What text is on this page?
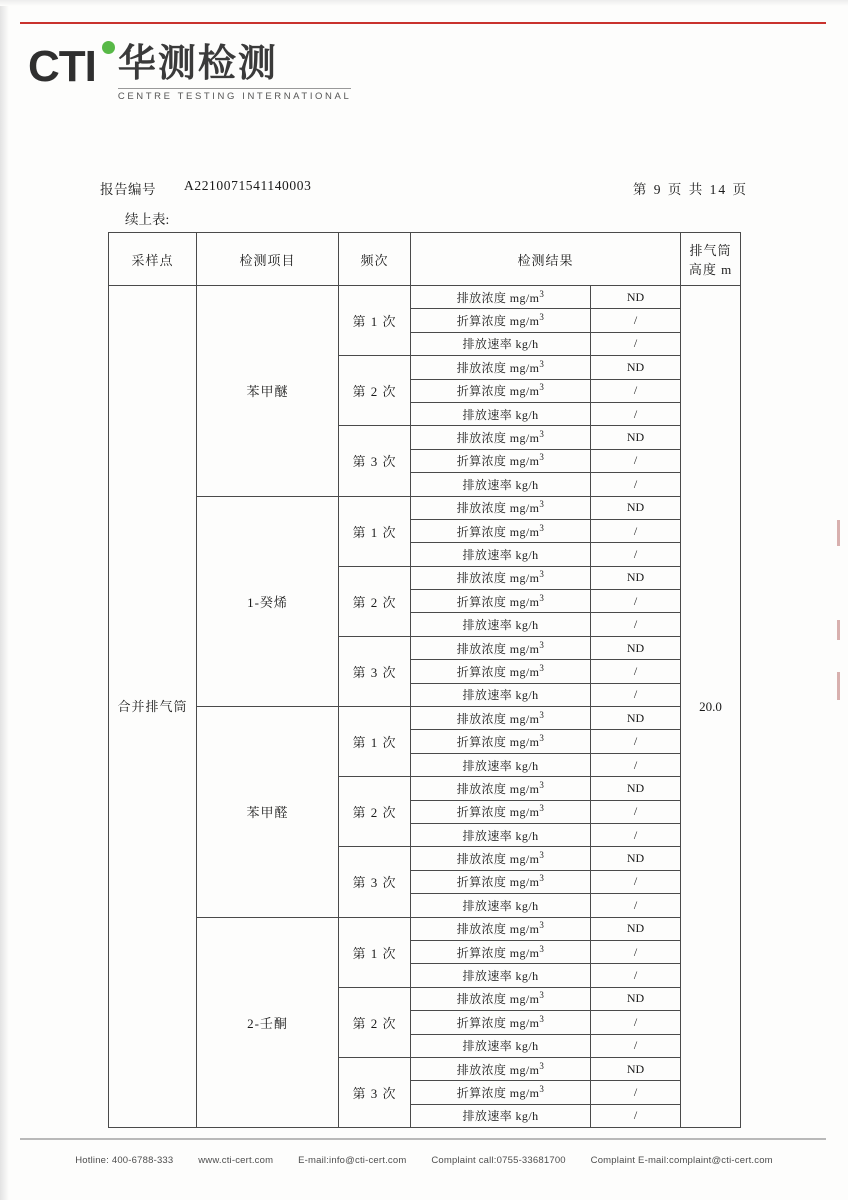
CTI 华测检测
CENTRE TESTING INTERNATIONAL
报告编号 A2210071541140003	第 9 页 共 14 页
续上表:
采样点	检测项目	频次	检测结果		排气筒
高度 m

合并排气筒	苯甲醚	第 1 次	排放浓度 $mg/m^3$	ND	20.0
			折算浓度 $mg/m^3$	/	
			排放速率 kg/h	/	
		第 2 次	排放浓度 $mg/m^3$	ND	
			折算浓度 $mg/m^3$	/	
			排放速率 kg/h	/	
		第 3 次	排放浓度 $mg/m^3$	ND	
			折算浓度 $mg/m^3$	/	
			排放速率 kg/h	/	
	1-癸烯	第 1 次	排放浓度 $mg/m^3$	ND	
			折算浓度 $mg/m^3$	/	
			排放速率 kg/h	/	
		第 2 次	排放浓度 $mg/m^3$	ND	
			折算浓度 $mg/m^3$	/	
			排放速率 kg/h	/	
		第 3 次	排放浓度 $mg/m^3$	ND	
			折算浓度 $mg/m^3$	/	
			排放速率 kg/h	/	
	苯甲醛	第 1 次	排放浓度 $mg/m^3$	ND	
			折算浓度 $mg/m^3$	/	
			排放速率 kg/h	/	
		第 2 次	排放浓度 $mg/m^3$	ND	
			折算浓度 $mg/m^3$	/	
			排放速率 kg/h	/	
		第 3 次	排放浓度 $mg/m^3$	ND	
			折算浓度 $mg/m^3$	/	
			排放速率 kg/h	/	
	2-壬酮	第 1 次	排放浓度 $mg/m^3$	ND	
			折算浓度 $mg/m^3$	/	
			排放速率 kg/h	/	
		第 2 次	排放浓度 $mg/m^3$	ND	
			折算浓度 $mg/m^3$	/	
			排放速率 kg/h	/	
		第 3 次	排放浓度 $mg/m^3$	ND	
			折算浓度 $mg/m^3$	/	
			排放速率 kg/h	/	
Hotline: 400-6788-333	www.cti-cert.com	E-mail:info@cti-cert.com	Complaint call:0755-33681700	Complaint E-mail:complaint@cti-cert.com
